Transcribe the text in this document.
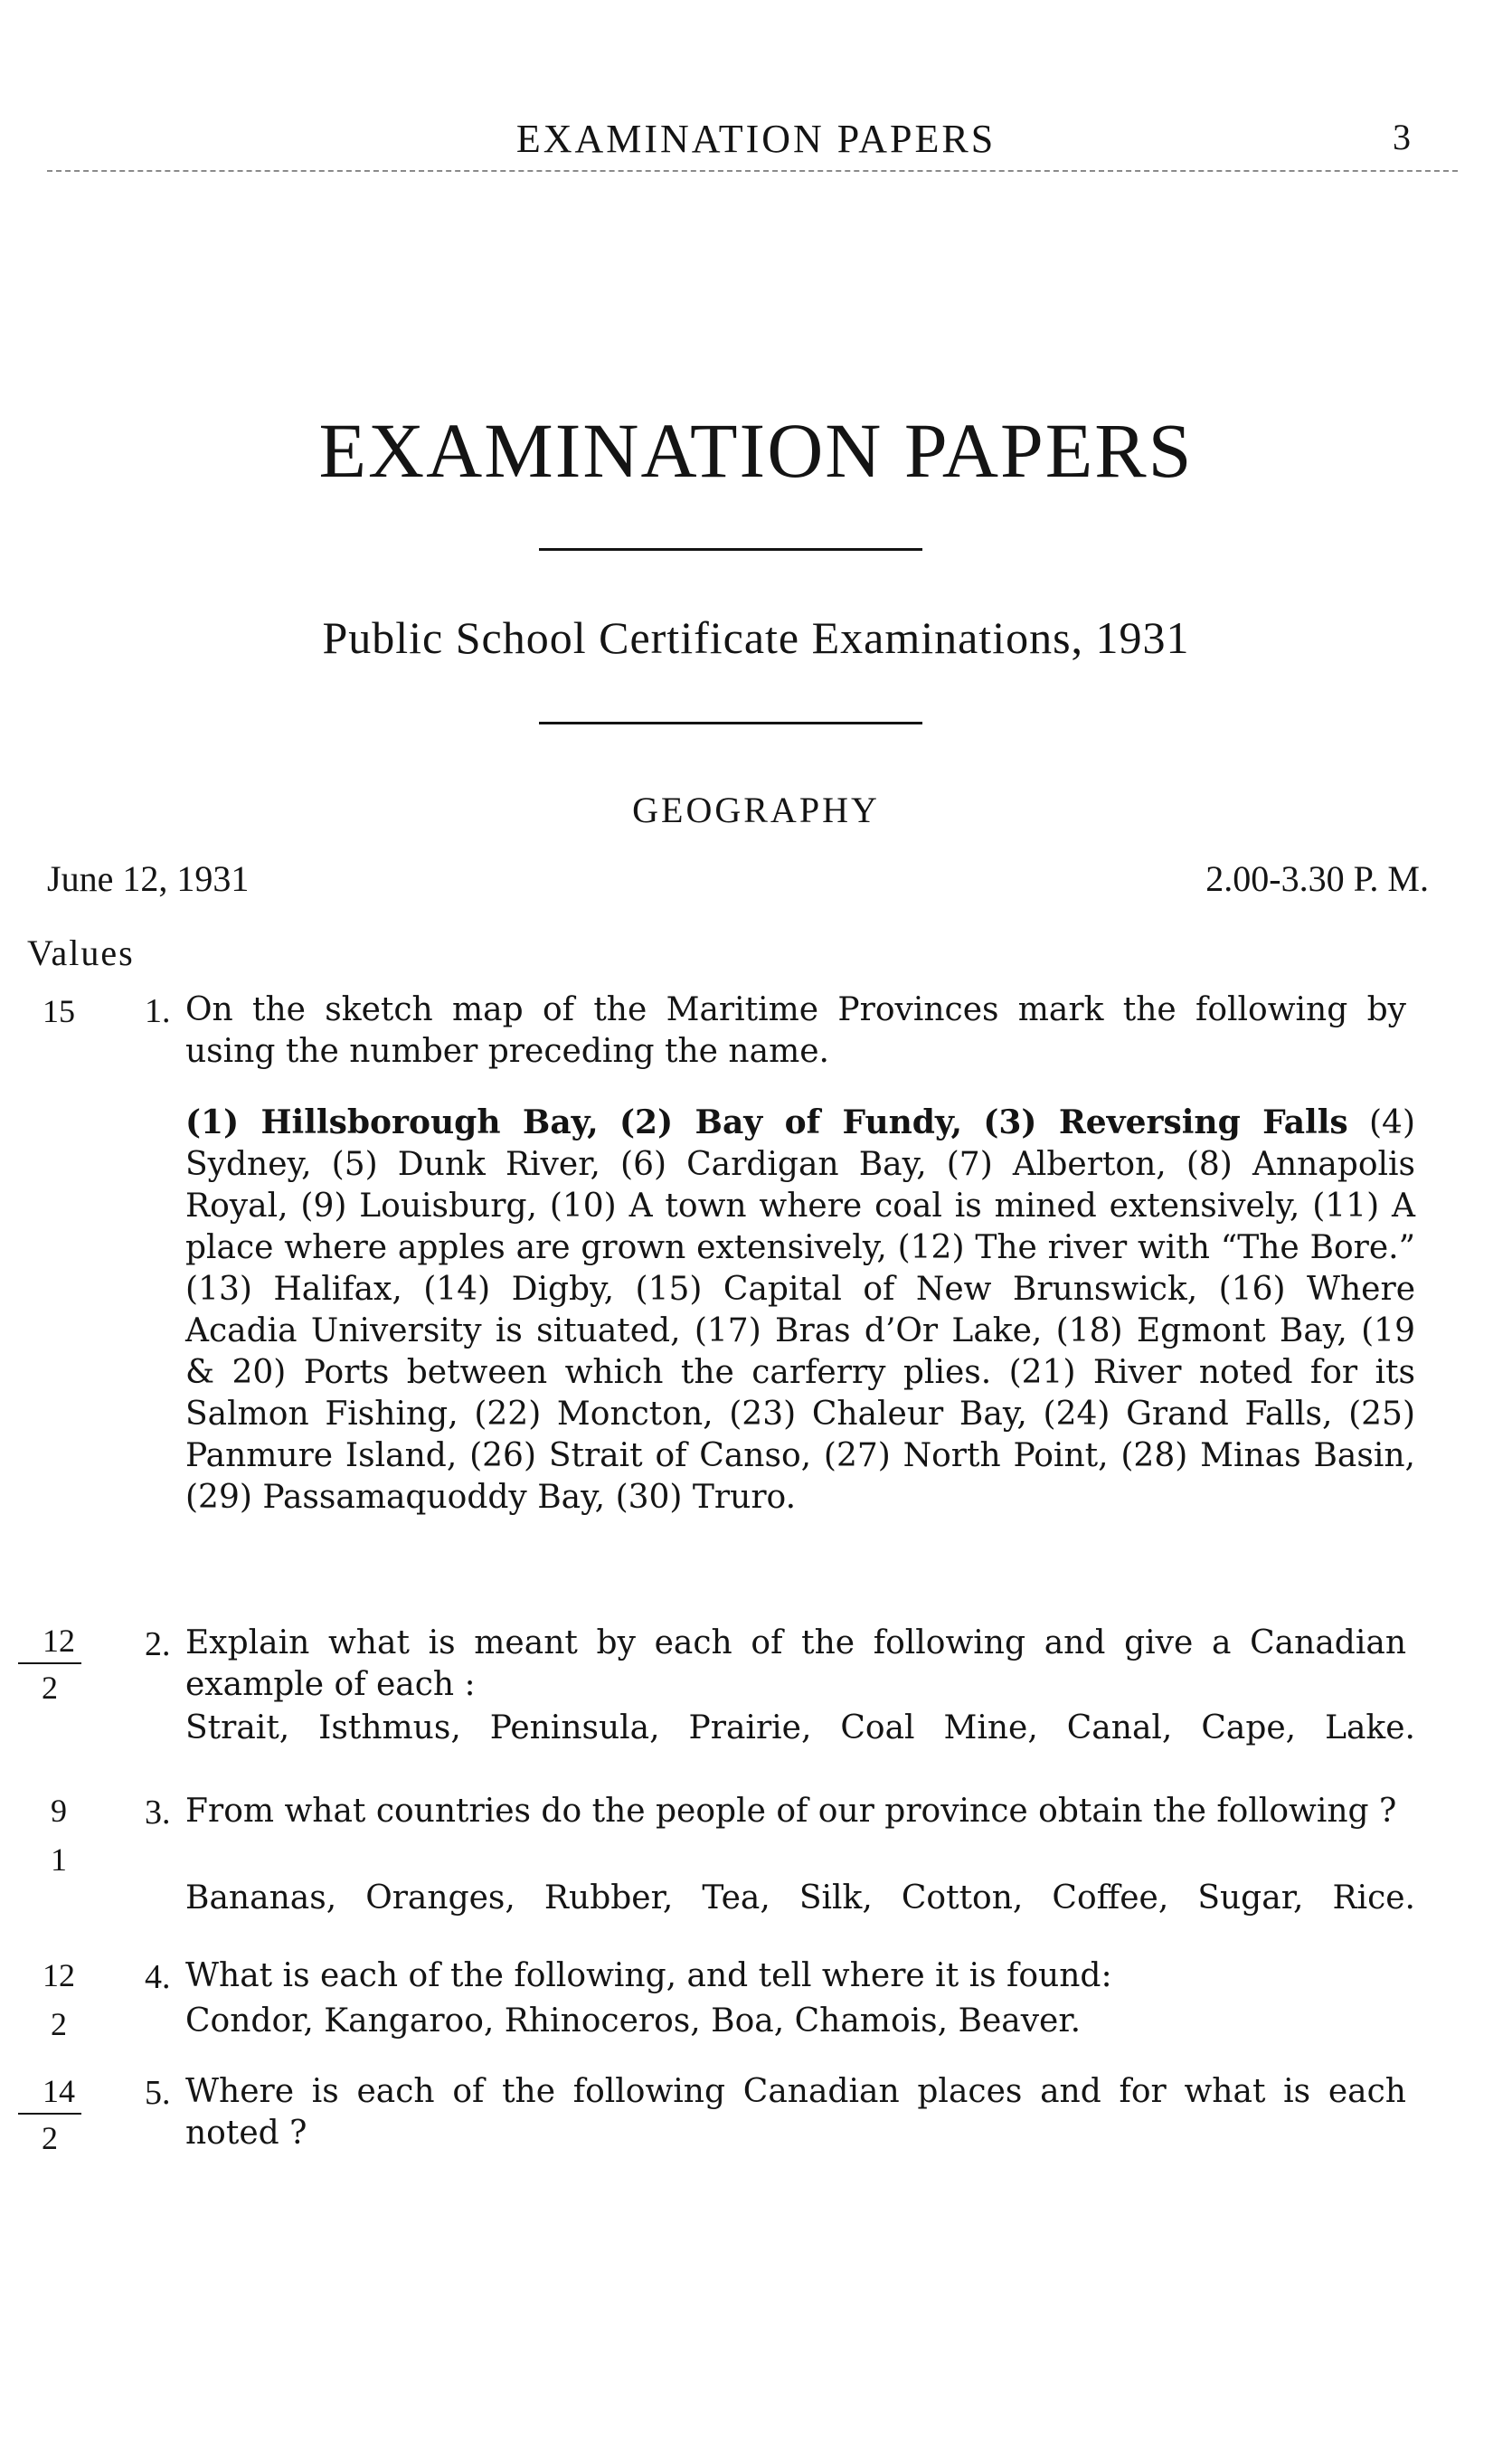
EXAMINATION PAPERS	3
EXAMINATION PAPERS
Public School Certificate Examinations, 1931
GEOGRAPHY
June 12, 1931	2.00-3.30 P. M.
Values
15	1. On the sketch map of the Maritime Provinces mark the following by using the number preceding the name.
(1) Hillsborough Bay, (2) Bay of Fundy, (3) Reversing Falls (4) Sydney, (5) Dunk River, (6) Cardigan Bay, (7) Alberton, (8) Annapolis Royal, (9) Louisburg, (10) A town where coal is mined extensively, (11) A place where apples are grown extensively, (12) The river with “The Bore.” (13) Halifax, (14) Digby, (15) Capital of New Brunswick, (16) Where Acadia University is situated, (17) Bras d’Or Lake, (18) Egmont Bay, (19 & 20) Ports between which the carferry plies. (21) River noted for its Salmon Fishing, (22) Moncton, (23) Chaleur Bay, (24) Grand Falls, (25) Panmure Island, (26) Strait of Canso, (27) North Point, (28) Minas Basin, (29) Passamaquoddy Bay, (30) Truro.
$\frac{12}{2} 2$. Explain what is meant by each of the following and give a Canadian example of each :
Strait, Isthmus, Peninsula, Prairie, Coal Mine, Canal, Cape, Lake.
9
1
3. From what countries do the people of our province obtain the following ?
Bananas, Oranges, Rubber, Tea, Silk, Cotton, Coffee, Sugar, Rice.
12
2
4. What is each of the following, and tell where it is found:
Condor, Kangaroo, Rhinoceros, Boa, Chamois, Beaver.
$\frac{14}{2} 5$. Where is each of the following Canadian places and for what is each noted ?
